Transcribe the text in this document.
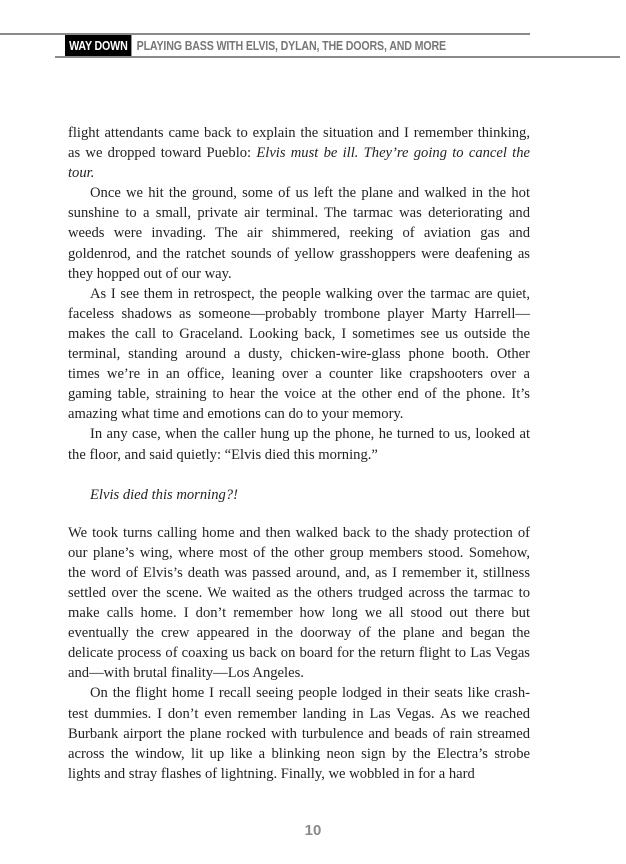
WAY DOWN PLAYING BASS WITH ELVIS, DYLAN, THE DOORS, AND MORE

flight attendants came back to explain the situation and I remember thinking, as we dropped toward Pueblo: Elvis must be ill. They’re going to cancel the tour.

Once we hit the ground, some of us left the plane and walked in the hot sunshine to a small, private air terminal. The tarmac was deteriorating and weeds were invading. The air shimmered, reeking of aviation gas and goldenrod, and the ratchet sounds of yellow grasshoppers were deafening as they hopped out of our way.

As I see them in retrospect, the people walking over the tarmac are quiet, faceless shadows as someone—probably trombone player Marty Harrell—makes the call to Graceland. Looking back, I sometimes see us outside the terminal, standing around a dusty, chicken-wire-glass phone booth. Other times we’re in an office, leaning over a counter like crapshooters over a gaming table, straining to hear the voice at the other end of the phone. It’s amazing what time and emotions can do to your memory.

In any case, when the caller hung up the phone, he turned to us, looked at the floor, and said quietly: “Elvis died this morning.”

Elvis died this morning?!

We took turns calling home and then walked back to the shady protection of our plane’s wing, where most of the other group members stood. Somehow, the word of Elvis’s death was passed around, and, as I remember it, stillness settled over the scene. We waited as the others trudged across the tarmac to make calls home. I don’t remember how long we all stood out there but eventually the crew appeared in the doorway of the plane and began the delicate process of coaxing us back on board for the return flight to Las Vegas and—with brutal finality—Los Angeles.

On the flight home I recall seeing people lodged in their seats like crash-test dummies. I don’t even remember landing in Las Vegas. As we reached Burbank airport the plane rocked with turbulence and beads of rain streamed across the window, lit up like a blinking neon sign by the Electra’s strobe lights and stray flashes of lightning. Finally, we wobbled in for a hard

10
